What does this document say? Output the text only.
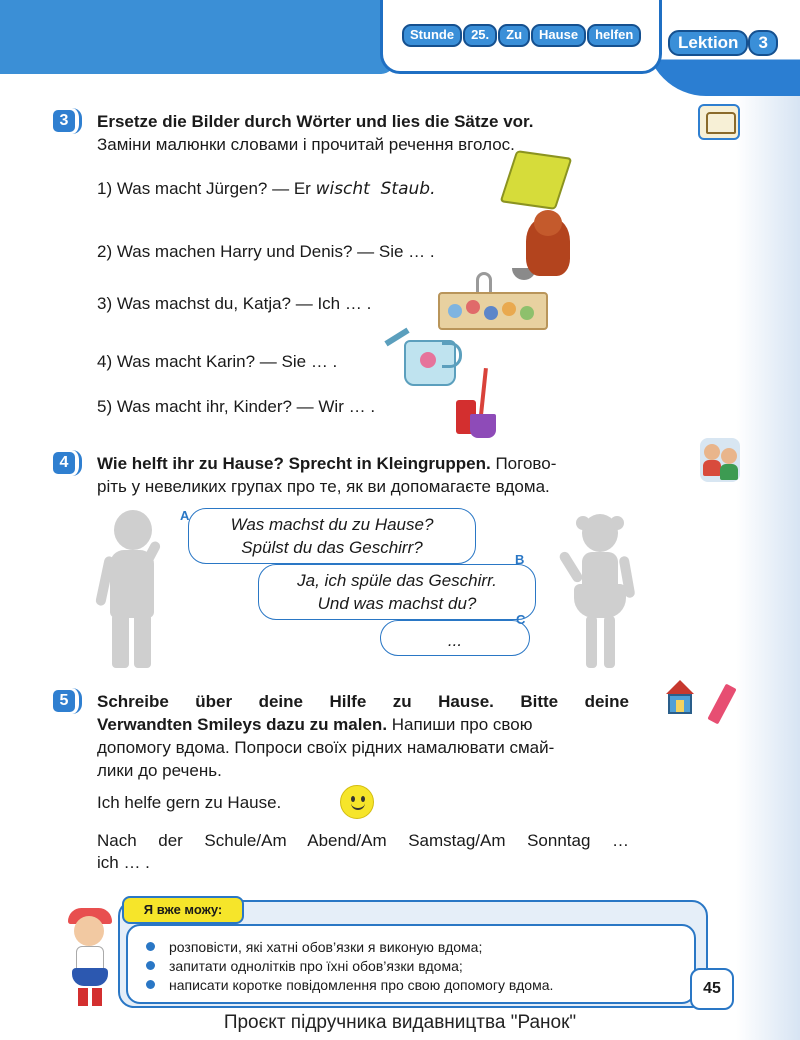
Stunde 25. Zu Hause helfen	Lektion 3
3	Ersetze die Bilder durch Wörter und lies die Sätze vor.
Заміни малюнки словами і прочитай речення вголос.
1) Was macht Jürgen? — Er wischt  Staub.
2) Was machen Harry und Denis? — Sie … .
3) Was machst du, Katja? — Ich … .
4) Was macht Karin? — Sie … .
5) Was macht ihr, Kinder? — Wir … .
4	Wie helft ihr zu Hause? Sprecht in Kleingruppen. Погово-
ріть у невеликих групах про те, як ви допомагаєте вдома.
Was machst du zu Hause?
Spülst du das Geschirr?
A
Ja, ich spüle das Geschirr.
Und was machst du?
B
...
C
5	Schreibe über deine Hilfe zu Hause. Bitte deine
Verwandten Smileys dazu zu malen. Напиши про свою
допомогу вдома. Попроси своїх рідних намалювати смай-
лики до речень.
Ich helfe gern zu Hause.
Nach der Schule/Am Abend/Am Samstag/Am Sonntag …
ich … .
розповісти, які хатні обов’язки я виконую вдома;
запитати однолітків про їхні обов’язки вдома;
написати коротке повідомлення про свою допомогу вдома.
Я вже можу:
45
Проєкт підручника видавництва "Ранок"
